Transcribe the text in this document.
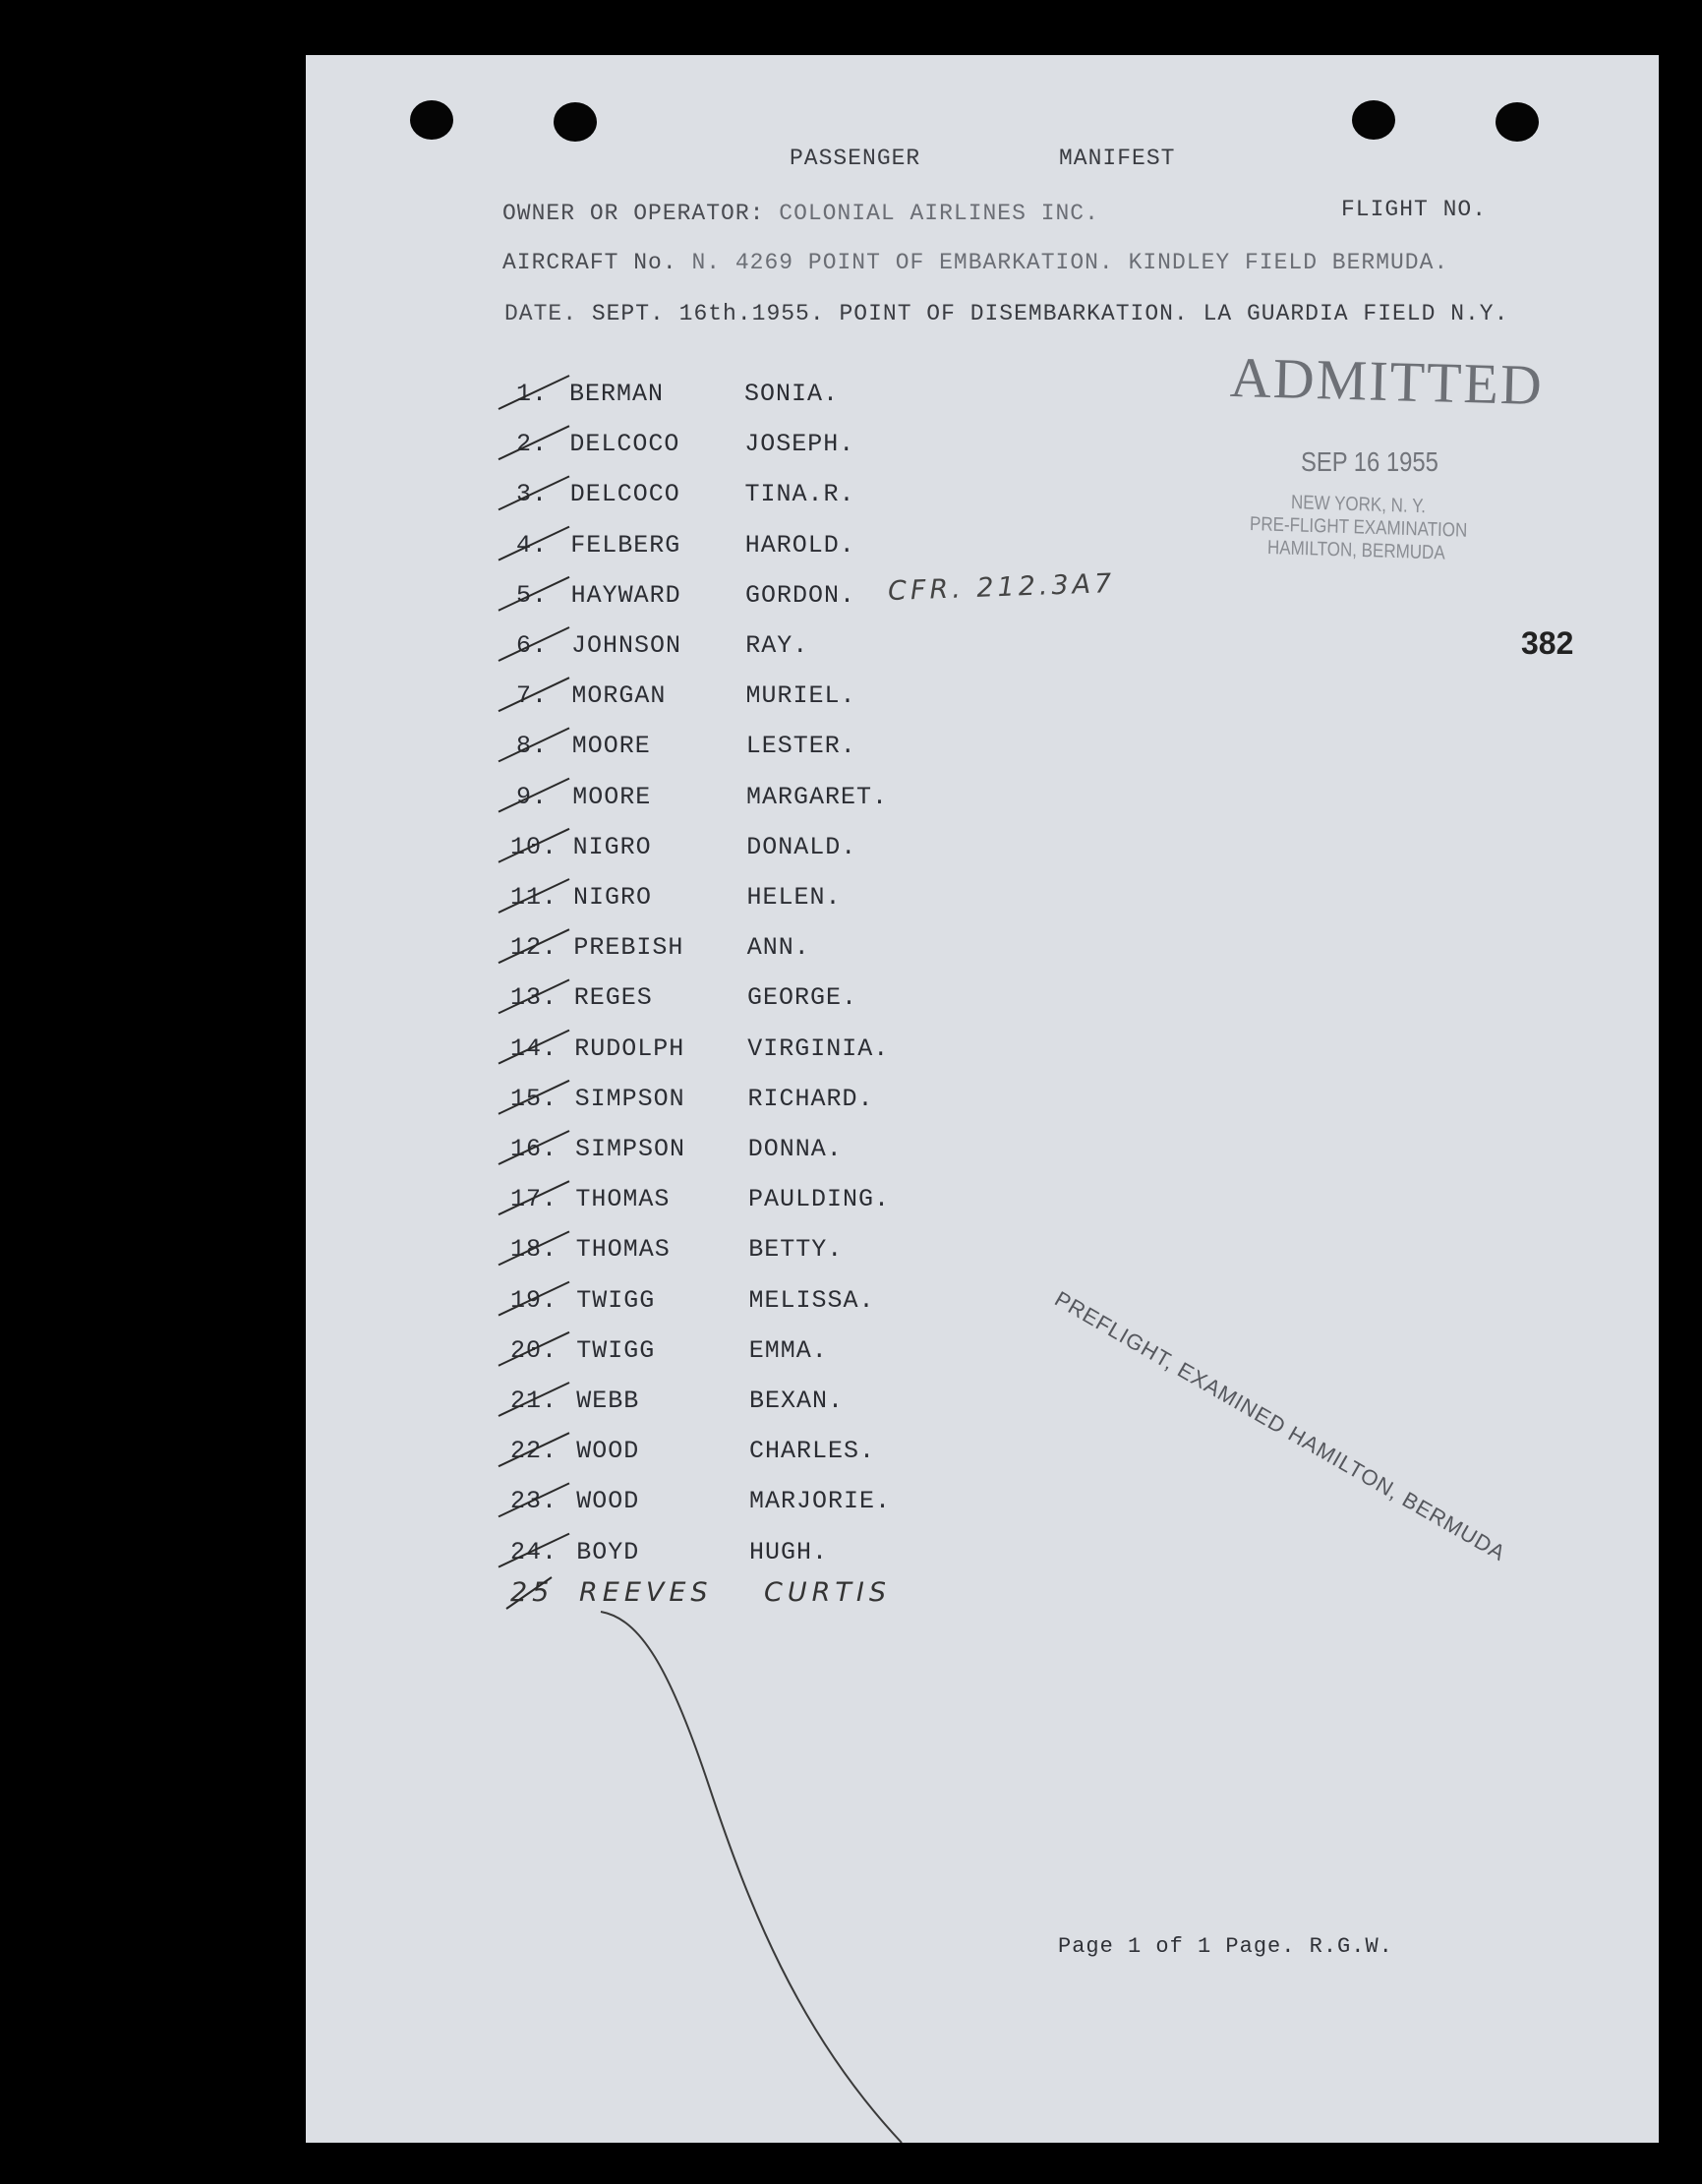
PASSENGER	MANIFEST
OWNER OR OPERATOR: COLONIAL AIRLINES INC.	FLIGHT NO.
AIRCRAFT No. N. 4269 POINT OF EMBARKATION. KINDLEY FIELD BERMUDA.
DATE. SEPT. 16th.1955. POINT OF DISEMBARKATION. LA GUARDIA FIELD N.Y.
ADMITTED
SEP 16 1955
NEW YORK, N. Y.
PRE-FLIGHT EXAMINATION
HAMILTON, BERMUDA
382
CFR. 212.3A7
1. BERMAN	SONIA.
2. DELCOCO	JOSEPH.
3. DELCOCO	TINA.R.
4. FELBERG	HAROLD.
5. HAYWARD	GORDON.
6. JOHNSON	RAY.
7. MORGAN	MURIEL.
8. MOORE	LESTER.
9. MOORE	MARGARET.
10. NIGRO	DONALD.
11. NIGRO	HELEN.
12. PREBISH	ANN.
13. REGES	GEORGE.
14. RUDOLPH	VIRGINIA.
15. SIMPSON	RICHARD.
16. SIMPSON	DONNA.
17. THOMAS	PAULDING.
18. THOMAS	BETTY.
19. TWIGG	MELISSA.
20. TWIGG	EMMA.
21. WEBB	BEXAN.
22. WOOD	CHARLES.
23. WOOD	MARJORIE.
24. BOYD	HUGH.
25 REEVES CURTIS
PREFLIGHT, EXAMINED HAMILTON, BERMUDA
Page 1 of 1 Page. R.G.W.
